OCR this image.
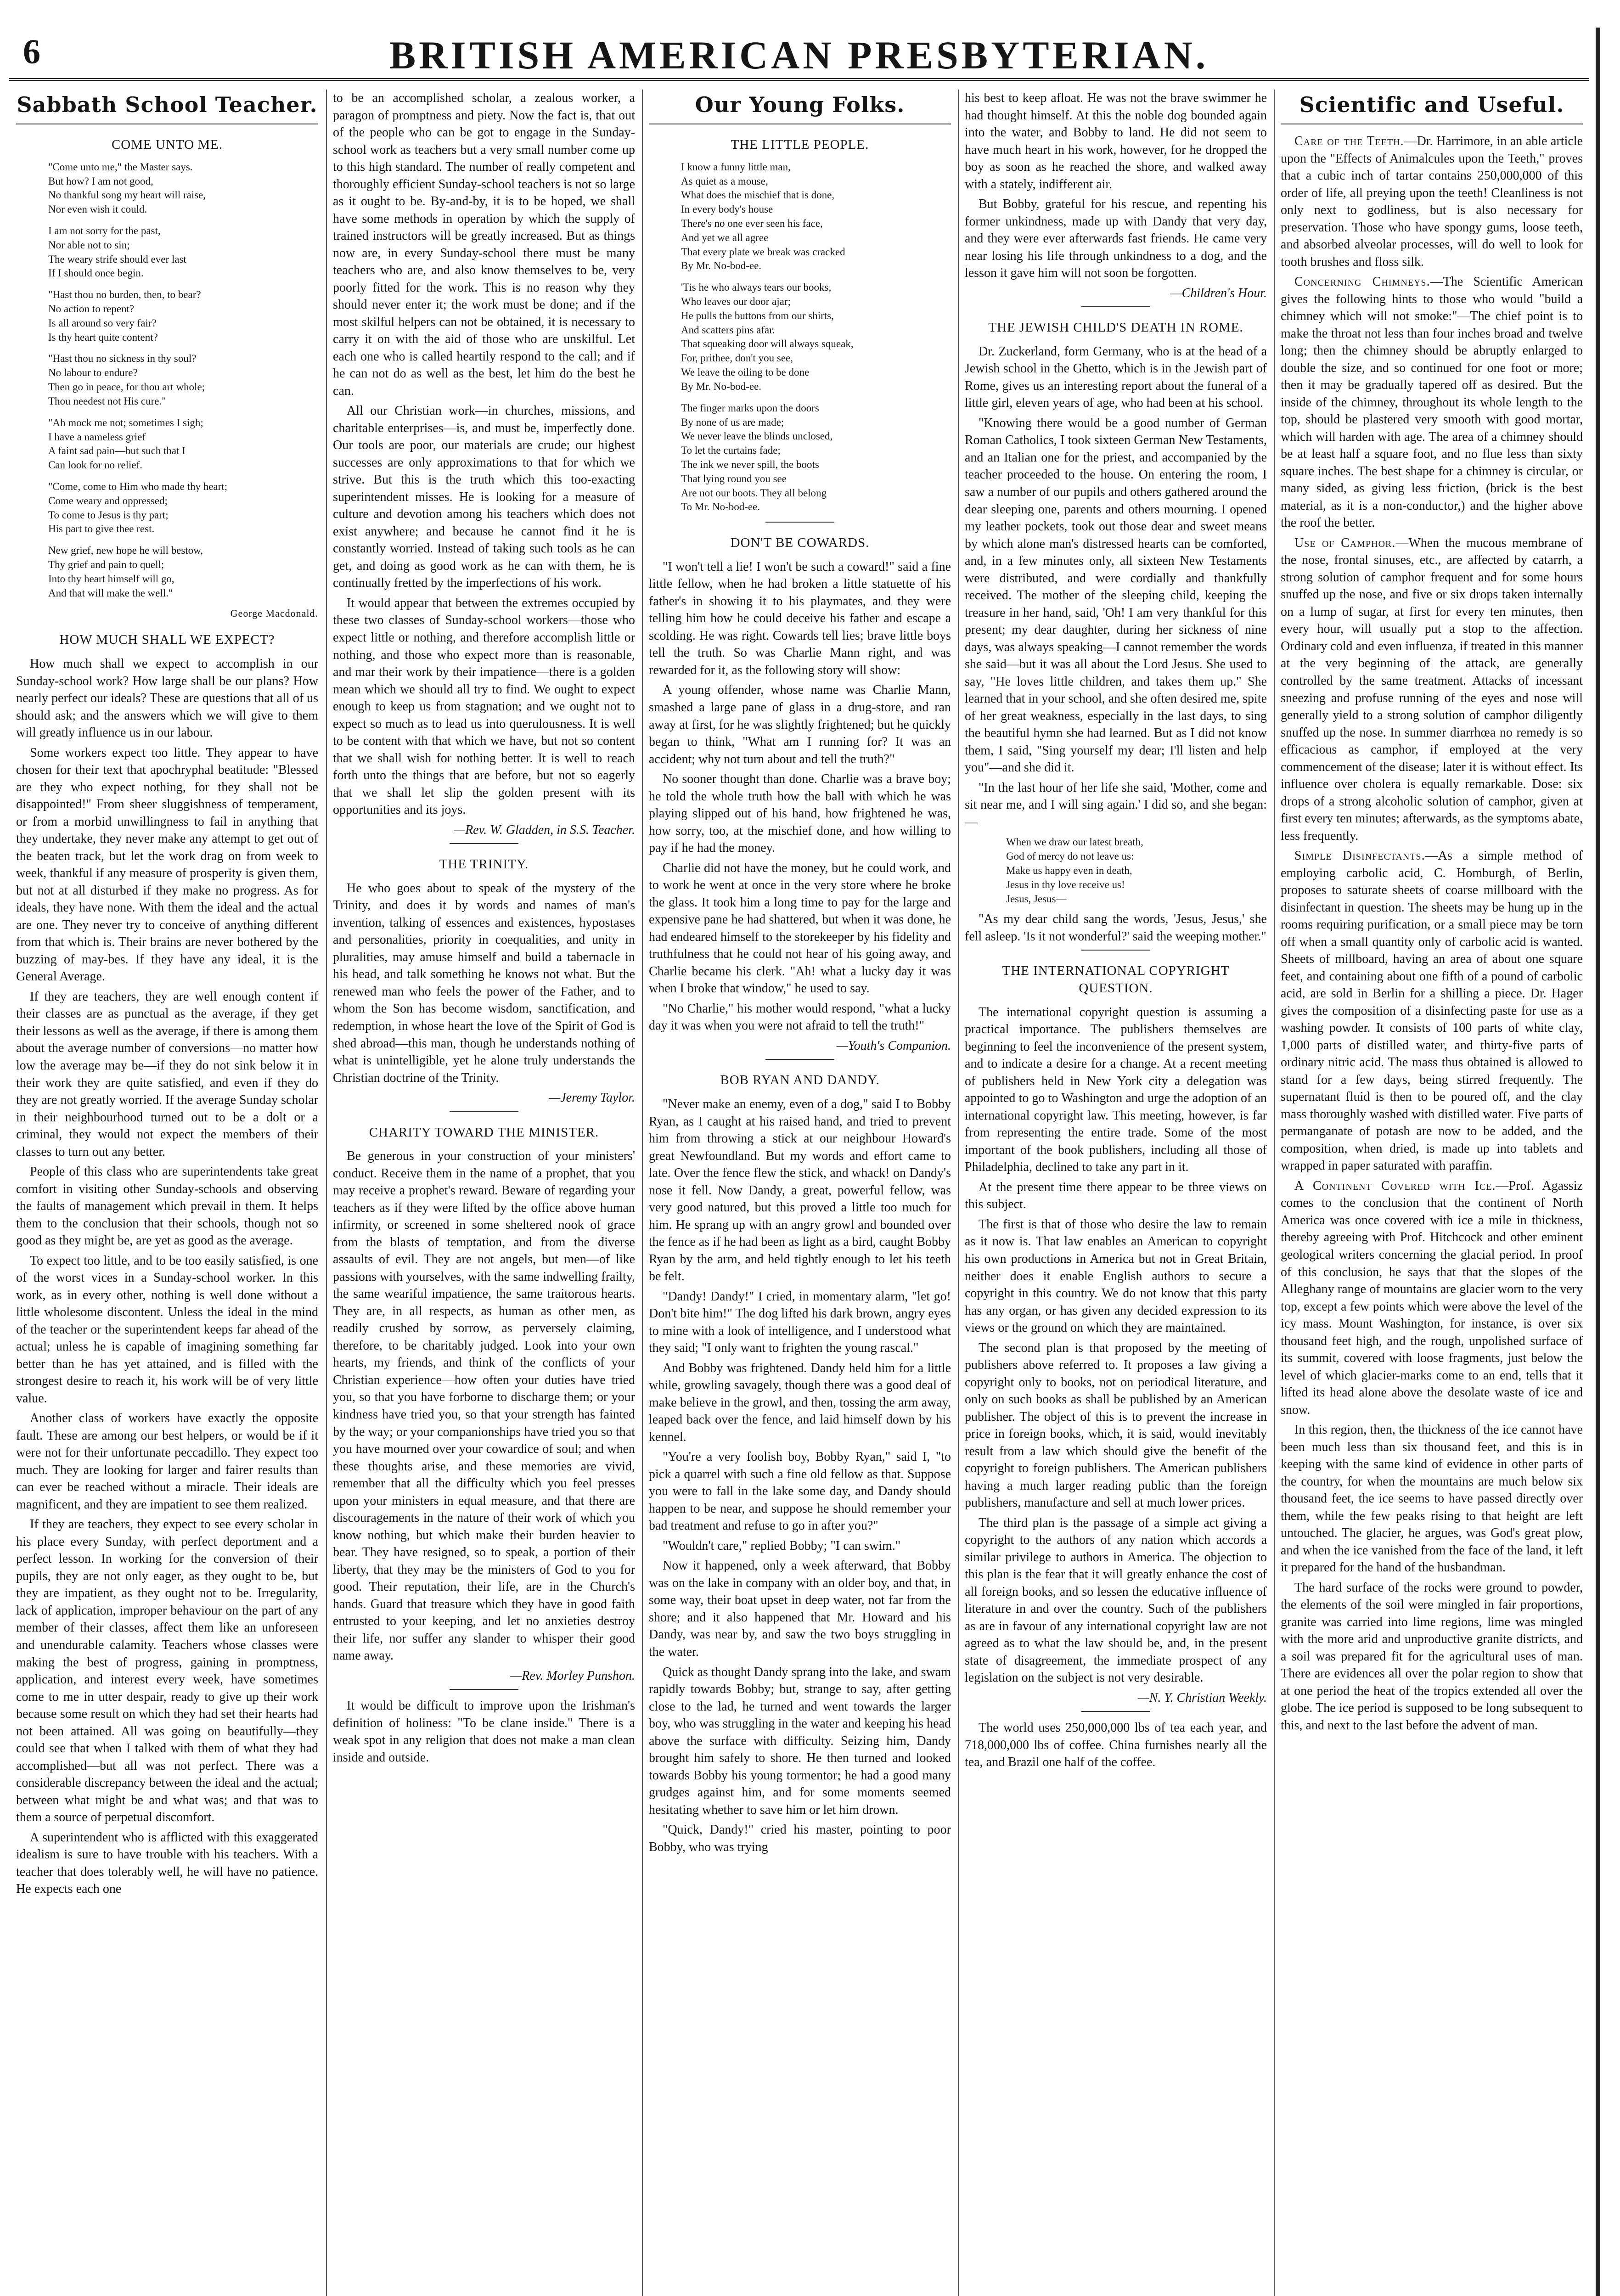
6	BRITISH AMERICAN PRESBYTERIAN.
Sabbath School Teacher.
COME UNTO ME.
"Come unto me," the Master says.
But how? I am not good,
No thankful song my heart will raise,
Nor even wish it could.
I am not sorry for the past,
Nor able not to sin;
The weary strife should ever last
If I should once begin.
"Hast thou no burden, then, to bear?
No action to repent?
Is all around so very fair?
Is thy heart quite content?
"Hast thou no sickness in thy soul?
No labour to endure?
Then go in peace, for thou art whole;
Thou needest not His cure."
"Ah mock me not; sometimes I sigh;
I have a nameless grief
A faint sad pain—but such that I
Can look for no relief.
"Come, come to Him who made thy heart;
Come weary and oppressed;
To come to Jesus is thy part;
His part to give thee rest.
New grief, new hope he will bestow,
Thy grief and pain to quell;
Into thy heart himself will go,
And that will make the well."
George Macdonald.
HOW MUCH SHALL WE EXPECT?

How much shall we expect to accomplish in our Sunday-school work? How large shall be our plans? How nearly perfect our ideals? These are questions that all of us should ask; and the answers which we will give to them will greatly influence us in our labour.

Some workers expect too little. They appear to have chosen for their text that apochryphal beatitude: "Blessed are they who expect nothing, for they shall not be disappointed!" From sheer sluggishness of temperament, or from a morbid unwillingness to fail in anything that they undertake, they never make any attempt to get out of the beaten track, but let the work drag on from week to week, thankful if any measure of prosperity is given them, but not at all disturbed if they make no progress. As for ideals, they have none. With them the ideal and the actual are one. They never try to conceive of anything different from that which is. Their brains are never bothered by the buzzing of may-bes. If they have any ideal, it is the General Average.

If they are teachers, they are well enough content if their classes are as punctual as the average, if they get their lessons as well as the average, if there is among them about the average number of conversions—no matter how low the average may be—if they do not sink below it in their work they are quite satisfied, and even if they do they are not greatly worried. If the average Sunday scholar in their neighbourhood turned out to be a dolt or a criminal, they would not expect the members of their classes to turn out any better.

People of this class who are superintendents take great comfort in visiting other Sunday-schools and observing the faults of management which prevail in them. It helps them to the conclusion that their schools, though not so good as they might be, are yet as good as the average.

To expect too little, and to be too easily satisfied, is one of the worst vices in a Sunday-school worker. In this work, as in every other, nothing is well done without a little wholesome discontent. Unless the ideal in the mind of the teacher or the superintendent keeps far ahead of the actual; unless he is capable of imagining something far better than he has yet attained, and is filled with the strongest desire to reach it, his work will be of very little value.

Another class of workers have exactly the opposite fault. These are among our best helpers, or would be if it were not for their unfortunate peccadillo. They expect too much. They are looking for larger and fairer results than can ever be reached without a miracle. Their ideals are magnificent, and they are impatient to see them realized.

If they are teachers, they expect to see every scholar in his place every Sunday, with perfect deportment and a perfect lesson. In working for the conversion of their pupils, they are not only eager, as they ought to be, but they are impatient, as they ought not to be. Irregularity, lack of application, improper behaviour on the part of any member of their classes, affect them like an unforeseen and unendurable calamity. Teachers whose classes were making the best of progress, gaining in promptness, application, and interest every week, have sometimes come to me in utter despair, ready to give up their work because some result on which they had set their hearts had not been attained. All was going on beautifully—they could see that when I talked with them of what they had accomplished—but all was not perfect. There was a considerable discrepancy between the ideal and the actual; between what might be and what was; and that was to them a source of perpetual discomfort.

A superintendent who is afflicted with this exaggerated idealism is sure to have trouble with his teachers. With a teacher that does tolerably well, he will have no patience. He expects each one

to be an accomplished scholar, a zealous worker, a paragon of promptness and piety. Now the fact is, that out of the people who can be got to engage in the Sunday-school work as teachers but a very small number come up to this high standard. The number of really competent and thoroughly efficient Sunday-school teachers is not so large as it ought to be. By-and-by, it is to be hoped, we shall have some methods in operation by which the supply of trained instructors will be greatly increased. But as things now are, in every Sunday-school there must be many teachers who are, and also know themselves to be, very poorly fitted for the work. This is no reason why they should never enter it; the work must be done; and if the most skilful helpers can not be obtained, it is necessary to carry it on with the aid of those who are unskilful. Let each one who is called heartily respond to the call; and if he can not do as well as the best, let him do the best he can.

All our Christian work—in churches, missions, and charitable enterprises—is, and must be, imperfectly done. Our tools are poor, our materials are crude; our highest successes are only approximations to that for which we strive. But this is the truth which this too-exacting superintendent misses. He is looking for a measure of culture and devotion among his teachers which does not exist anywhere; and because he cannot find it he is constantly worried. Instead of taking such tools as he can get, and doing as good work as he can with them, he is continually fretted by the imperfections of his work.

It would appear that between the extremes occupied by these two classes of Sunday-school workers—those who expect little or nothing, and therefore accomplish little or nothing, and those who expect more than is reasonable, and mar their work by their impatience—there is a golden mean which we should all try to find. We ought to expect enough to keep us from stagnation; and we ought not to expect so much as to lead us into querulousness. It is well to be content with that which we have, but not so content that we shall wish for nothing better. It is well to reach forth unto the things that are before, but not so eagerly that we shall let slip the golden present with its opportunities and its joys.

—Rev. W. Gladden, in S.S. Teacher.

THE TRINITY.

He who goes about to speak of the mystery of the Trinity, and does it by words and names of man's invention, talking of essences and existences, hypostases and personalities, priority in coequalities, and unity in pluralities, may amuse himself and build a tabernacle in his head, and talk something he knows not what. But the renewed man who feels the power of the Father, and to whom the Son has become wisdom, sanctification, and redemption, in whose heart the love of the Spirit of God is shed abroad—this man, though he understands nothing of what is unintelligible, yet he alone truly understands the Christian doctrine of the Trinity.

—Jeremy Taylor.

CHARITY TOWARD THE MINISTER.

Be generous in your construction of your ministers' conduct. Receive them in the name of a prophet, that you may receive a prophet's reward. Beware of regarding your teachers as if they were lifted by the office above human infirmity, or screened in some sheltered nook of grace from the blasts of temptation, and from the diverse assaults of evil. They are not angels, but men—of like passions with yourselves, with the same indwelling frailty, the same weariful impatience, the same traitorous hearts. They are, in all respects, as human as other men, as readily crushed by sorrow, as perversely claiming, therefore, to be charitably judged. Look into your own hearts, my friends, and think of the conflicts of your Christian experience—how often your duties have tried you, so that you have forborne to discharge them; or your kindness have tried you, so that your strength has fainted by the way; or your companionships have tried you so that you have mourned over your cowardice of soul; and when these thoughts arise, and these memories are vivid, remember that all the difficulty which you feel presses upon your ministers in equal measure, and that there are discouragements in the nature of their work of which you know nothing, but which make their burden heavier to bear. They have resigned, so to speak, a portion of their liberty, that they may be the ministers of God to you for good. Their reputation, their life, are in the Church's hands. Guard that treasure which they have in good faith entrusted to your keeping, and let no anxieties destroy their life, nor suffer any slander to whisper their good name away.

—Rev. Morley Punshon.

It would be difficult to improve upon the Irishman's definition of holiness: "To be clane inside." There is a weak spot in any religion that does not make a man clean inside and outside.

Our Young Folks.
THE LITTLE PEOPLE.
I know a funny little man,
As quiet as a mouse,
What does the mischief that is done,
In every body's house
There's no one ever seen his face,
And yet we all agree
That every plate we break was cracked
By Mr. No-bod-ee.
'Tis he who always tears our books,
Who leaves our door ajar;
He pulls the buttons from our shirts,
And scatters pins afar.
That squeaking door will always squeak,
For, prithee, don't you see,
We leave the oiling to be done
By Mr. No-bod-ee.
The finger marks upon the doors
By none of us are made;
We never leave the blinds unclosed,
To let the curtains fade;
The ink we never spill, the boots
That lying round you see
Are not our boots. They all belong
To Mr. No-bod-ee.
DON'T BE COWARDS.

"I won't tell a lie! I won't be such a coward!" said a fine little fellow, when he had broken a little statuette of his father's in showing it to his playmates, and they were telling him how he could deceive his father and escape a scolding. He was right. Cowards tell lies; brave little boys tell the truth. So was Charlie Mann right, and was rewarded for it, as the following story will show:

A young offender, whose name was Charlie Mann, smashed a large pane of glass in a drug-store, and ran away at first, for he was slightly frightened; but he quickly began to think, "What am I running for? It was an accident; why not turn about and tell the truth?"

No sooner thought than done. Charlie was a brave boy; he told the whole truth how the ball with which he was playing slipped out of his hand, how frightened he was, how sorry, too, at the mischief done, and how willing to pay if he had the money.

Charlie did not have the money, but he could work, and to work he went at once in the very store where he broke the glass. It took him a long time to pay for the large and expensive pane he had shattered, but when it was done, he had endeared himself to the storekeeper by his fidelity and truthfulness that he could not hear of his going away, and Charlie became his clerk. "Ah! what a lucky day it was when I broke that window," he used to say.

"No Charlie," his mother would respond, "what a lucky day it was when you were not afraid to tell the truth!"

—Youth's Companion.

BOB RYAN AND DANDY.

"Never make an enemy, even of a dog," said I to Bobby Ryan, as I caught at his raised hand, and tried to prevent him from throwing a stick at our neighbour Howard's great Newfoundland. But my words and effort came to late. Over the fence flew the stick, and whack! on Dandy's nose it fell. Now Dandy, a great, powerful fellow, was very good natured, but this proved a little too much for him. He sprang up with an angry growl and bounded over the fence as if he had been as light as a bird, caught Bobby Ryan by the arm, and held tightly enough to let his teeth be felt.

"Dandy! Dandy!" I cried, in momentary alarm, "let go! Don't bite him!" The dog lifted his dark brown, angry eyes to mine with a look of intelligence, and I understood what they said; "I only want to frighten the young rascal."

And Bobby was frightened. Dandy held him for a little while, growling savagely, though there was a good deal of make believe in the growl, and then, tossing the arm away, leaped back over the fence, and laid himself down by his kennel.

"You're a very foolish boy, Bobby Ryan," said I, "to pick a quarrel with such a fine old fellow as that. Suppose you were to fall in the lake some day, and Dandy should happen to be near, and suppose he should remember your bad treatment and refuse to go in after you?"

"Wouldn't care," replied Bobby; "I can swim."

Now it happened, only a week afterward, that Bobby was on the lake in company with an older boy, and that, in some way, their boat upset in deep water, not far from the shore; and it also happened that Mr. Howard and his Dandy, was near by, and saw the two boys struggling in the water.

Quick as thought Dandy sprang into the lake, and swam rapidly towards Bobby; but, strange to say, after getting close to the lad, he turned and went towards the larger boy, who was struggling in the water and keeping his head above the surface with difficulty. Seizing him, Dandy brought him safely to shore. He then turned and looked towards Bobby his young tormentor; he had a good many grudges against him, and for some moments seemed hesitating whether to save him or let him drown.

"Quick, Dandy!" cried his master, pointing to poor Bobby, who was trying

his best to keep afloat. He was not the brave swimmer he had thought himself. At this the noble dog bounded again into the water, and Bobby to land. He did not seem to have much heart in his work, however, for he dropped the boy as soon as he reached the shore, and walked away with a stately, indifferent air.

But Bobby, grateful for his rescue, and repenting his former unkindness, made up with Dandy that very day, and they were ever afterwards fast friends. He came very near losing his life through unkindness to a dog, and the lesson it gave him will not soon be forgotten.

—Children's Hour.

THE JEWISH CHILD'S DEATH IN ROME.

Dr. Zuckerland, form Germany, who is at the head of a Jewish school in the Ghetto, which is in the Jewish part of Rome, gives us an interesting report about the funeral of a little girl, eleven years of age, who had been at his school.

"Knowing there would be a good number of German Roman Catholics, I took sixteen German New Testaments, and an Italian one for the priest, and accompanied by the teacher proceeded to the house. On entering the room, I saw a number of our pupils and others gathered around the dear sleeping one, parents and others mourning. I opened my leather pockets, took out those dear and sweet means by which alone man's distressed hearts can be comforted, and, in a few minutes only, all sixteen New Testaments were distributed, and were cordially and thankfully received. The mother of the sleeping child, keeping the treasure in her hand, said, 'Oh! I am very thankful for this present; my dear daughter, during her sickness of nine days, was always speaking—I cannot remember the words she said—but it was all about the Lord Jesus. She used to say, "He loves little children, and takes them up." She learned that in your school, and she often desired me, spite of her great weakness, especially in the last days, to sing the beautiful hymn she had learned. But as I did not know them, I said, "Sing yourself my dear; I'll listen and help you"—and she did it.

"In the last hour of her life she said, 'Mother, come and sit near me, and I will sing again.' I did so, and she began:—

When we draw our latest breath,
God of mercy do not leave us:
Make us happy even in death,
Jesus in thy love receive us!
Jesus, Jesus—

"As my dear child sang the words, 'Jesus, Jesus,' she fell asleep. 'Is it not wonderful?' said the weeping mother."

THE INTERNATIONAL COPYRIGHT QUESTION.

The international copyright question is assuming a practical importance. The publishers themselves are beginning to feel the inconvenience of the present system, and to indicate a desire for a change. At a recent meeting of publishers held in New York city a delegation was appointed to go to Washington and urge the adoption of an international copyright law. This meeting, however, is far from representing the entire trade. Some of the most important of the book publishers, including all those of Philadelphia, declined to take any part in it.

At the present time there appear to be three views on this subject.

The first is that of those who desire the law to remain as it now is. That law enables an American to copyright his own productions in America but not in Great Britain, neither does it enable English authors to secure a copyright in this country. We do not know that this party has any organ, or has given any decided expression to its views or the ground on which they are maintained.

The second plan is that proposed by the meeting of publishers above referred to. It proposes a law giving a copyright only to books, not on periodical literature, and only on such books as shall be published by an American publisher. The object of this is to prevent the increase in price in foreign books, which, it is said, would inevitably result from a law which should give the benefit of the copyright to foreign publishers. The American publishers having a much larger reading public than the foreign publishers, manufacture and sell at much lower prices.

The third plan is the passage of a simple act giving a copyright to the authors of any nation which accords a similar privilege to authors in America. The objection to this plan is the fear that it will greatly enhance the cost of all foreign books, and so lessen the educative influence of literature in and over the country. Such of the publishers as are in favour of any international copyright law are not agreed as to what the law should be, and, in the present state of disagreement, the immediate prospect of any legislation on the subject is not very desirable.

—N. Y. Christian Weekly.

The world uses 250,000,000 lbs of tea each year, and 718,000,000 lbs of coffee. China furnishes nearly all the tea, and Brazil one half of the coffee.

Scientific and Useful.

Care of the Teeth.—Dr. Harrimore, in an able article upon the "Effects of Animalcules upon the Teeth," proves that a cubic inch of tartar contains 250,000,000 of this order of life, all preying upon the teeth! Cleanliness is not only next to godliness, but is also necessary for preservation. Those who have spongy gums, loose teeth, and absorbed alveolar processes, will do well to look for tooth brushes and floss silk.

Concerning Chimneys.—The Scientific American gives the following hints to those who would "build a chimney which will not smoke:"—The chief point is to make the throat not less than four inches broad and twelve long; then the chimney should be abruptly enlarged to double the size, and so continued for one foot or more; then it may be gradually tapered off as desired. But the inside of the chimney, throughout its whole length to the top, should be plastered very smooth with good mortar, which will harden with age. The area of a chimney should be at least half a square foot, and no flue less than sixty square inches. The best shape for a chimney is circular, or many sided, as giving less friction, (brick is the best material, as it is a non-conductor,) and the higher above the roof the better.

Use of Camphor.—When the mucous membrane of the nose, frontal sinuses, etc., are affected by catarrh, a strong solution of camphor frequent and for some hours snuffed up the nose, and five or six drops taken internally on a lump of sugar, at first for every ten minutes, then every hour, will usually put a stop to the affection. Ordinary cold and even influenza, if treated in this manner at the very beginning of the attack, are generally controlled by the same treatment. Attacks of incessant sneezing and profuse running of the eyes and nose will generally yield to a strong solution of camphor diligently snuffed up the nose. In summer diarrhœa no remedy is so efficacious as camphor, if employed at the very commencement of the disease; later it is without effect. Its influence over cholera is equally remarkable. Dose: six drops of a strong alcoholic solution of camphor, given at first every ten minutes; afterwards, as the symptoms abate, less frequently.

Simple Disinfectants.—As a simple method of employing carbolic acid, C. Homburgh, of Berlin, proposes to saturate sheets of coarse millboard with the disinfectant in question. The sheets may be hung up in the rooms requiring purification, or a small piece may be torn off when a small quantity only of carbolic acid is wanted. Sheets of millboard, having an area of about one square feet, and containing about one fifth of a pound of carbolic acid, are sold in Berlin for a shilling a piece. Dr. Hager gives the composition of a disinfecting paste for use as a washing powder. It consists of 100 parts of white clay, 1,000 parts of distilled water, and thirty-five parts of ordinary nitric acid. The mass thus obtained is allowed to stand for a few days, being stirred frequently. The supernatant fluid is then to be poured off, and the clay mass thoroughly washed with distilled water. Five parts of permanganate of potash are now to be added, and the composition, when dried, is made up into tablets and wrapped in paper saturated with paraffin.

A Continent Covered with Ice.—Prof. Agassiz comes to the conclusion that the continent of North America was once covered with ice a mile in thickness, thereby agreeing with Prof. Hitchcock and other eminent geological writers concerning the glacial period. In proof of this conclusion, he says that that the slopes of the Alleghany range of mountains are glacier worn to the very top, except a few points which were above the level of the icy mass. Mount Washington, for instance, is over six thousand feet high, and the rough, unpolished surface of its summit, covered with loose fragments, just below the level of which glacier-marks come to an end, tells that it lifted its head alone above the desolate waste of ice and snow.

In this region, then, the thickness of the ice cannot have been much less than six thousand feet, and this is in keeping with the same kind of evidence in other parts of the country, for when the mountains are much below six thousand feet, the ice seems to have passed directly over them, while the few peaks rising to that height are left untouched. The glacier, he argues, was God's great plow, and when the ice vanished from the face of the land, it left it prepared for the hand of the husbandman.

The hard surface of the rocks were ground to powder, the elements of the soil were mingled in fair proportions, granite was carried into lime regions, lime was mingled with the more arid and unproductive granite districts, and a soil was prepared fit for the agricultural uses of man. There are evidences all over the polar region to show that at one period the heat of the tropics extended all over the globe. The ice period is supposed to be long subsequent to this, and next to the last before the advent of man.
